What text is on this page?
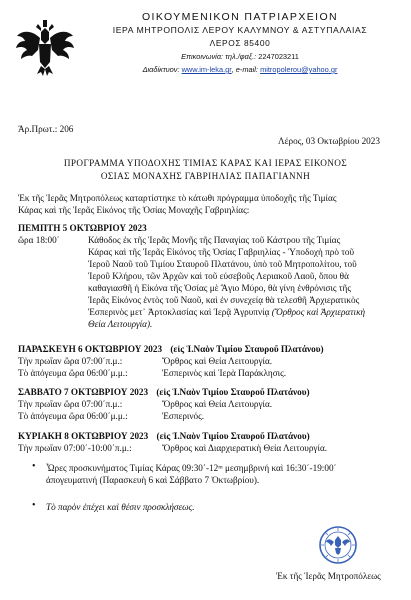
ΟΙΚΟΥΜΕΝΙΚΟΝ ΠΑΤΡΙΑΡΧΕΙΟΝ
ΙΕΡΑ ΜΗΤΡΟΠΟΛΙΣ ΛΕΡΟΥ ΚΑΛΥΜΝΟΥ & ΑΣΤΥΠΑΛΑΙΑΣ
ΛΕΡΟΣ 85400
Επικοινωνία: τηλ./φαξ.: 2247023211
Διαδίκτυον: www.im-leka.gr, e-mail: mitropolerou@yahoo.gr
Άρ.Πρωτ.: 206
Λέρος, 03 Οκτωβρίου 2023
ΠΡΟΓΡΑΜΜΑ ΥΠΟΔΟΧΗΣ ΤΙΜΙΑΣ ΚΑΡΑΣ ΚΑΙ ΙΕΡΑΣ ΕΙΚΟΝΟΣ
ΟΣΙΑΣ ΜΟΝΑΧΗΣ ΓΑΒΡΙΗΛΙΑΣ ΠΑΠΑΓΙΑΝΝΗ
Ἐκ τῆς Ἱερᾶς Μητροπόλεως καταρτίστηκε τὸ κάτωθι πρόγραμμα ὑποδοχῆς τῆς Τιμίας
Κάρας καὶ τῆς Ἱερᾶς Εἰκόνος τῆς Ὁσίας Μοναχῆς Γαβριηλίας:
ΠΕΜΠΤΗ 5 ΟΚΤΩΒΡΙΟΥ 2023
ὥρα 18:00΄	Κάθοδος ἐκ τῆς Ἱερᾶς Μονῆς τῆς Παναγίας τοῦ Κάστρου τῆς Τιμίας
Κάρας καὶ τῆς Ἱερᾶς Εἰκόνος τῆς Ὁσίας Γαβριηλίας - Ὑποδοχὴ πρὸ τοῦ
Ἱεροῦ Ναοῦ τοῦ Τιμίου Σταυροῦ Πλατάνου, ὑπὸ τοῦ Μητροπολίτου, τοῦ
Ἱεροῦ Κλήρου, τῶν Ἀρχῶν καὶ τοῦ εὐσεβοῦς Λεριακοῦ Λαοῦ, ὅπου θὰ
καθαγιασθῆ ἡ Εἰκόνα τῆς Ὁσίας μὲ Ἅγιο Μύρο, θὰ γίνη ἐνθρόνισις τῆς
Ἱερᾶς Εἰκόνος ἐντὸς τοῦ Ναοῦ, καὶ ἐν συνεχείᾳ θὰ τελεσθῆ Ἀρχιερατικὸς
Ἑσπερινὸς μετ᾽ Ἀρτοκλασίας καὶ Ἱερᾷ Ἀγρυπνίᾳ (Ὄρθρος καὶ Ἀρχιερατικὴ
Θεία Λειτουργία).
ΠΑΡΑΣΚΕΥΗ 6 ΟΚΤΩΒΡΙΟΥ 2023 (εἰς Ἱ.Ναὸν Τιμίου Σταυροῦ Πλατάνου)
Τὴν πρωΐαν ὥρα 07:00΄π.μ.:	Ὄρθρος καὶ Θεία Λειτουργία.
Τὸ ἀπόγευμα ὥρα 06:00΄μ.μ.:	Ἑσπερινὸς καὶ Ἱερὰ Παράκλησις.
ΣΑΒΒΑΤΟ 7 ΟΚΤΩΒΡΙΟΥ 2023 (εἰς Ἱ.Ναὸν Τιμίου Σταυροῦ Πλατάνου)
Τὴν πρωΐαν ὥρα 07:00΄π.μ.:	Ὄρθρος καὶ Θεία Λειτουργία.
Τὸ ἀπόγευμα ὥρα 06:00΄μ.μ.:	Ἑσπερινός.
ΚΥΡΙΑΚΗ 8 ΟΚΤΩΒΡΙΟΥ 2023 (εἰς Ἱ.Ναὸν Τιμίου Σταυροῦ Πλατάνου)
Τὴν πρωΐαν 07:00΄-10:00΄π.μ.:	Ὄρθρος καὶ Διαρχιερατικὴ Θεία Λειτουργία.
• Ὧρες προσκυνήματος Τιμίας Κάρας 09:30΄-12ᵐ μεσημβρινή καὶ 16:30΄-19:00΄
ἀπογευματινή (Παρασκευὴ 6 καὶ Σάββατο 7 Ὀκτωβρίου).
• Τὸ παρὸν ἐπέχει καὶ θέσιν προσκλήσεως.
Ἐκ τῆς Ἱερᾶς Μητροπόλεως
